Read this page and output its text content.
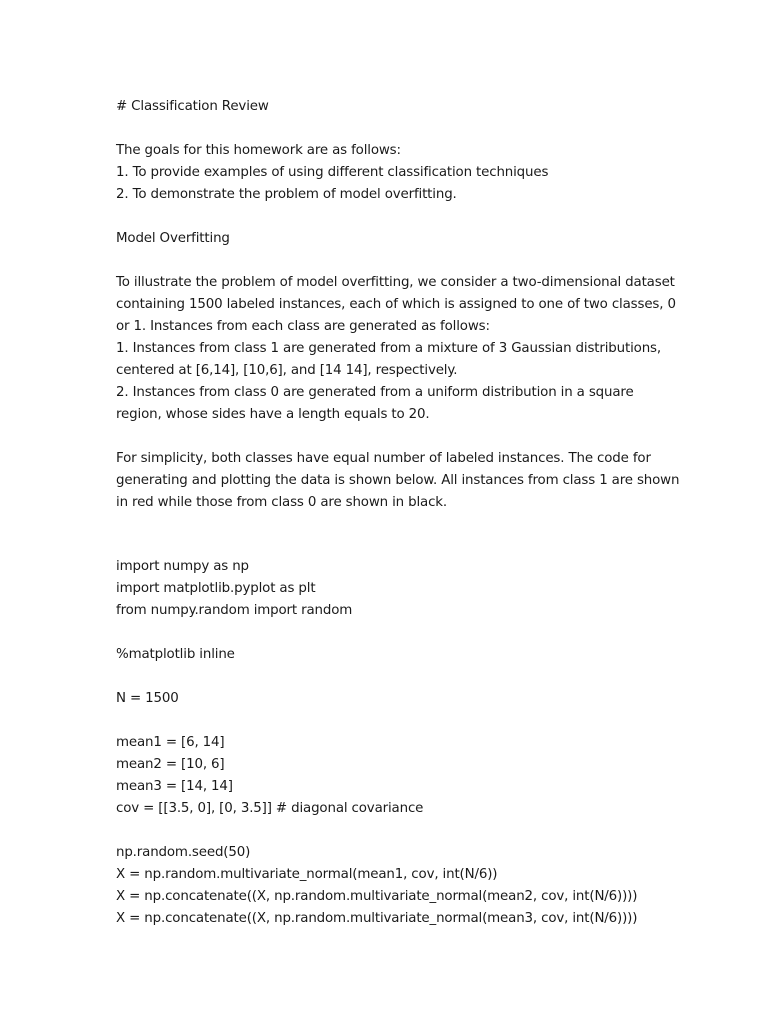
# Classification Review

The goals for this homework are as follows:

1. To provide examples of using different classification techniques

2. To demonstrate the problem of model overfitting.

Model Overfitting

To illustrate the problem of model overfitting, we consider a two-dimensional dataset

containing 1500 labeled instances, each of which is assigned to one of two classes, 0

or 1. Instances from each class are generated as follows:

1. Instances from class 1 are generated from a mixture of 3 Gaussian distributions,

centered at [6,14], [10,6], and [14 14], respectively.

2. Instances from class 0 are generated from a uniform distribution in a square

region, whose sides have a length equals to 20.

For simplicity, both classes have equal number of labeled instances. The code for

generating and plotting the data is shown below. All instances from class 1 are shown

in red while those from class 0 are shown in black.

import numpy as np

import matplotlib.pyplot as plt

from numpy.random import random

%matplotlib inline

N = 1500

mean1 = [6, 14]

mean2 = [10, 6]

mean3 = [14, 14]

cov = [[3.5, 0], [0, 3.5]] # diagonal covariance

np.random.seed(50)

X = np.random.multivariate_normal(mean1, cov, int(N/6))

X = np.concatenate((X, np.random.multivariate_normal(mean2, cov, int(N/6))))

X = np.concatenate((X, np.random.multivariate_normal(mean3, cov, int(N/6))))
